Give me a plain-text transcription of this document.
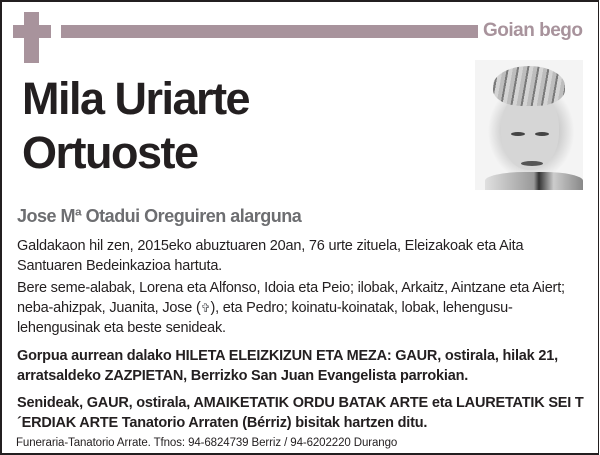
Goian bego
Mila Uriarte
Ortuoste
Jose Mª Otadui Oreguiren alarguna

Galdakaon hil zen, 2015eko abuztuaren 20an, 76 urte zituela, Eleizakoak eta Aita Santuaren Bedeinkazioa hartuta.

Bere seme-alabak, Lorena eta Alfonso, Idoia eta Peio; ilobak, Arkaitz, Aintzane eta Aiert; neba-ahizpak, Juanita, Jose (✞), eta Pedro; koinatu-koinatak, lobak, lehengusu-lehengusinak eta beste senideak.

Gorpua aurrean dalako HILETA ELEIZKIZUN ETA MEZA: GAUR, ostirala, hilak 21, arratsaldeko ZAZPIETAN, Berrizko San Juan Evangelista parrokian.

Senideak, GAUR, ostirala, AMAIKETATIK ORDU BATAK ARTE eta LAURETATIK SEI T´ERDIAK ARTE Tanatorio Arraten (Bérriz) bisitak hartzen ditu.

Funeraria-Tanatorio Arrate. Tfnos: 94-6824739 Berriz / 94-6202220 Durango
